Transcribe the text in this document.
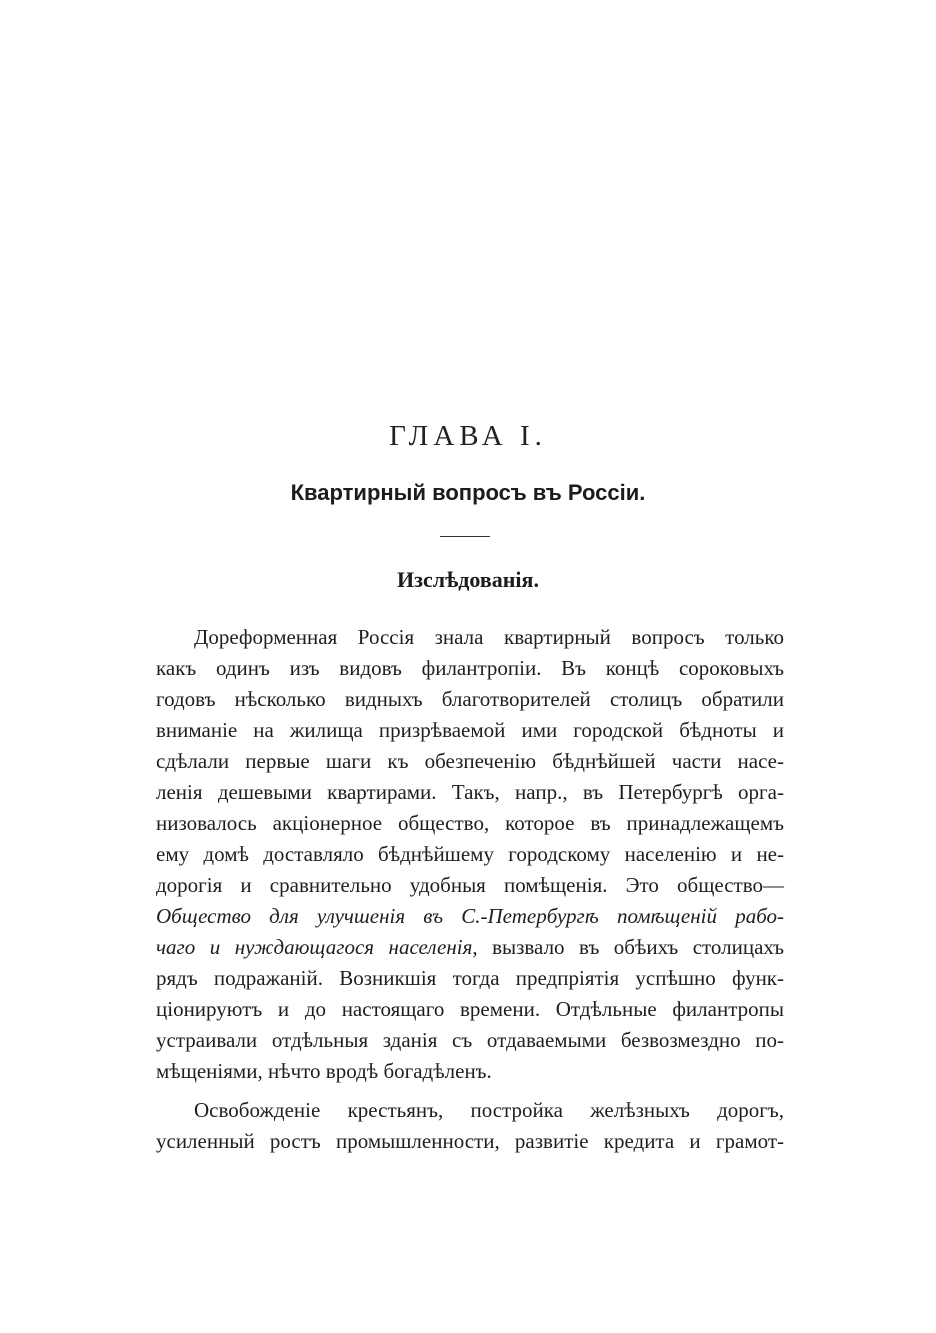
ГЛАВА I.
Квартирный вопросъ въ Россіи.
Изслѣдованія.
Дореформенная Россія знала квартирный вопросъ только
какъ одинъ изъ видовъ филантропіи. Въ концѣ сороковыхъ
годовъ нѣсколько видныхъ благотворителей столицъ обратили
вниманіе на жилища призрѣваемой ими городской бѣдноты и
сдѣлали первые шаги къ обезпеченію бѣднѣйшей части насе-
ленія дешевыми квартирами. Такъ, напр., въ Петербургѣ орга-
низовалось акціонерное общество, которое въ принадлежащемъ
ему домѣ доставляло бѣднѣйшему городскому населенію и не-
дорогія и сравнительно удобныя помѣщенія. Это общество—
Общество для улучшенія въ С.-Петербургѣ помѣщеній рабо-
чаго и нуждающагося населенія, вызвало въ обѣихъ столицахъ
рядъ подражаній. Возникшія тогда предпріятія успѣшно функ-
ціонируютъ и до настоящаго времени. Отдѣльные филантропы
устраивали отдѣльныя зданія съ отдаваемыми безвозмездно по-
мѣщеніями, нѣчто вродѣ богадѣленъ.
Освобожденіе крестьянъ, постройка желѣзныхъ дорогъ,
усиленный ростъ промышленности, развитіе кредита и грамот-
